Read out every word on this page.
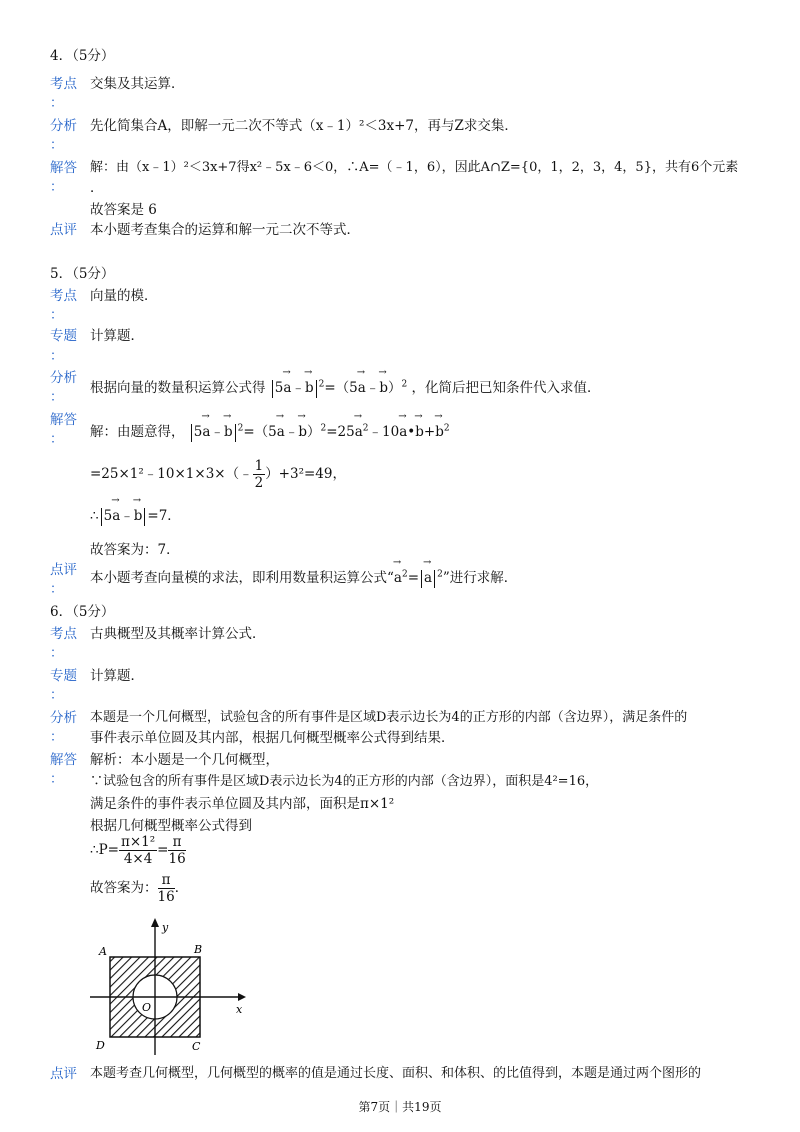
4．（5分）
考点 交集及其运算．
：
分析 先化简集合A，即解一元二次不等式（x﹣1）²＜3x+7，再与Z求交集．
：
解答 解：由（x﹣1）²＜3x+7得x²﹣5x﹣6＜0，∴A=（﹣1，6），因此A∩Z={0，1，2，3，4，5}，共有6个元素
： ．
故答案是 6
点评 本小题考查集合的运算和解一元二次不等式．
5．（5分）
考点 向量的模．
：
专题 计算题．
：
分析
：
根据向量的数量积运算公式得 5→ a﹣→ b $^2$=（5→ a﹣→ b）$^2$ ，化简后把已知条件代入求值．
解答
： 解：由题意得， 5→ a﹣→ b $^2$=（5→ a﹣→ $b)^2=25\to a^2﹣10\to$ a•→ $b+\to b^2$
=25×1²﹣10×1×3×（﹣ $\frac{1}{2} )+3^2=49$，
∴ 5→ a﹣→ b =7．
故答案为：7．
点评
：
本小题考查向量模的求法，即利用数量积运算公式“→ $a^2=\to a$ $^2$”进行求解．
6．（5分）
考点 古典概型及其概率计算公式．
：
专题 计算题．
：
分析 本题是一个几何概型，试验包含的所有事件是区域D表示边长为4的正方形的内部（含边界），满足条件的
： 事件表示单位圆及其内部，根据几何概型概率公式得到结果．
解答 解析：本小题是一个几何概型，
： ∵试验包含的所有事件是区域D表示边长为4的正方形的内部（含边界），面积是4²=16，
满足条件的事件表示单位圆及其内部，面积是π×1²
根据几何概型概率公式得到
∴P= $\frac{\text{π×1²}}{4\times 4} = \frac{\pi}{16}$
故答案为： $\frac{\pi}{16}$ ．
A	B
C
D
O	x
y
点评 本题考查几何概型，几何概型的概率的值是通过长度、面积、和体积、的比值得到，本题是通过两个图形的
第7页｜共19页
